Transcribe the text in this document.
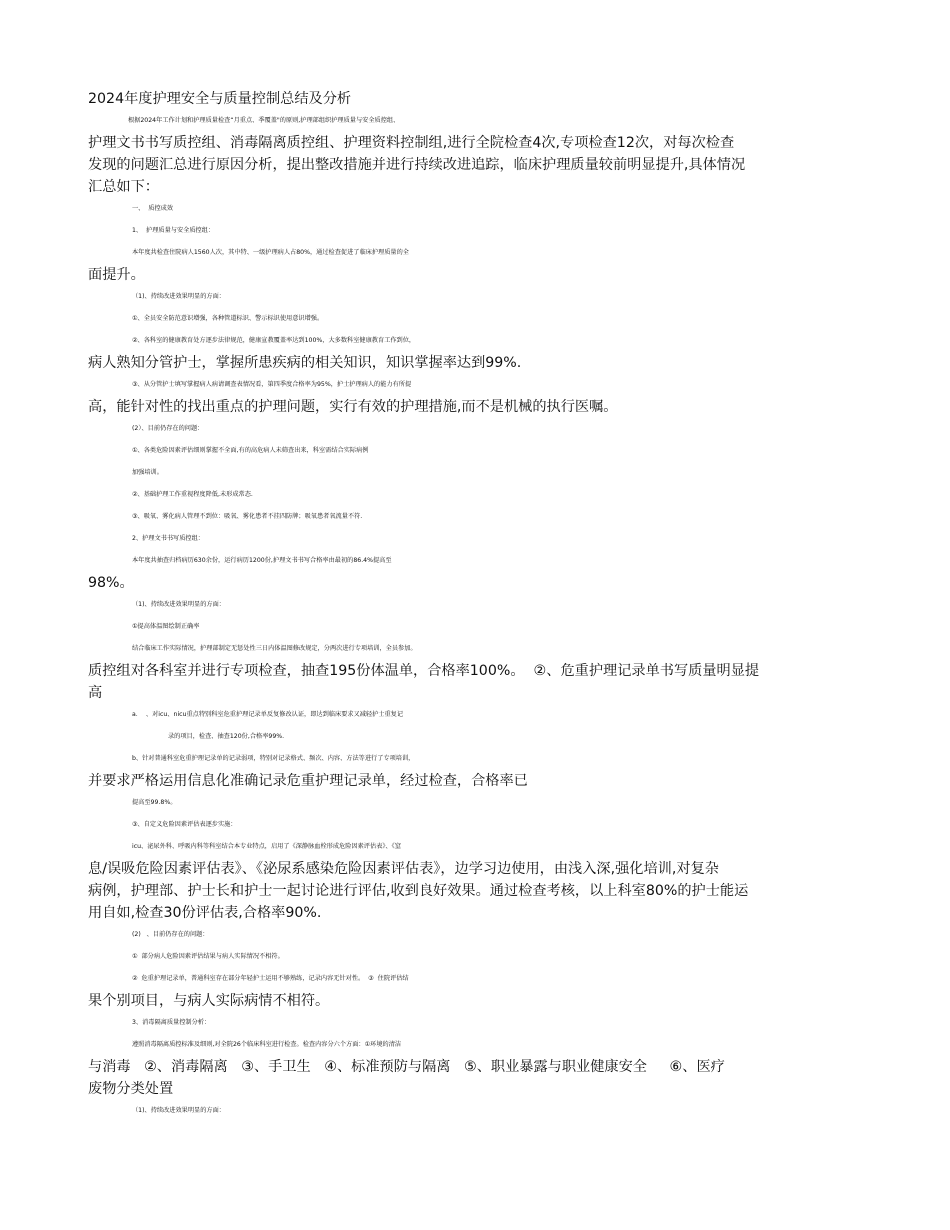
2024年度护理安全与质量控制总结及分析
根据2024年工作计划和护理质量检查“月重点、季覆盖"的原则,护理部组织护理质量与安全质控组、
护理文书书写质控组、消毒隔离质控组、护理资料控制组,进行全院检查4次,专项检查12次，对每次检查
发现的问题汇总进行原因分析，提出整改措施并进行持续改进追踪，临床护理质量较前明显提升,具体情况
汇总如下：
一、  质控成效
1、  护理质量与安全质控组：
本年度共检查住院病人1560人次，其中特、一级护理病人占80%，通过检查促进了临床护理质量的全
面提升。
（1)、持续改进效果明显的方面：
①、全员安全防范意识增强，各种管道标识、警示标识使用意识增强。
②、各科室的健康教育处方逐步法律规范，健康宣教覆盖率达到100%，大多数科室健康教育工作到位，
病人熟知分管护士，掌握所患疾病的相关知识，知识掌握率达到99%.
③、从分管护士填写掌握病人病请调查表情况看，第四季度合格率为95%，护士护理病人的能力有所提
高，能针对性的找出重点的护理问题，实行有效的护理措施,而不是机械的执行医嘱。
(2）、目前仍存在的问题：
①、各类危险因素评估细则掌握不全面,有的高危病人未筛查出来，科室需结合实际病例
加强培训。
②、基础护理工作重视程度降低,未形成常态.
③、吸氧、雾化病人管理不到位：吸氧、雾化患者不挂四防牌；吸氧患者氧流量不符.
2、护理文书书写质控组：
本年度共抽查归档病历630余份，运行病历1200份,护理文书书写合格率由最初的86.4%提高至
98%。
（1)、持续改进效果明显的方面：
①提高体温图绘制正确率
结合临床工作实际情况，护理部制定无惩处性三日内体温图修改规定，分两次进行专项培训，全员参加。
质控组对各科室并进行专项检查，抽查195份体温单，合格率100%。  ②、危重护理记录单书写质量明显提
高
a．  、对icu、nicu重点特别科室危重护理记录单反复修改认证，即达到临床要求又减轻护士重复记
录的项目，检查、抽查120份,合格率99%.
b、针对普通科室危重护理记录单的记录弱项，特别对记录格式、频次、内容、方法等进行了专项培训，
并要求严格运用信息化准确记录危重护理记录单，经过检查，合格率已
提高至99.8%。
③、自定义危险因素评估表逐步实施：
icu、泌尿外科、呼吸内科等科室结合本专业特点，启用了《深静脉血栓形成危险因素评估表》、《窒
息/误吸危险因素评估表》、《泌尿系感染危险因素评估表》，边学习边使用，由浅入深,强化培训,对复杂
病例，护理部、护士长和护士一起讨论进行评估,收到良好效果。通过检查考核，以上科室80%的护士能运
用自如,检查30份评估表,合格率90%.
(2)   、目前仍存在的问题：
①  部分病人危险因素评估结果与病人实际情况不相符。
②  危重护理记录单，普通科室存在部分年轻护士运用不够熟练，记录内容无针对性。  ③  住院评估结
果个别项目，与病人实际病情不相符。
3、消毒隔离质量控制分析：
遵照消毒隔离质控标准及细则,对全院26个临床科室进行检查。检查内容分六个方面：①环境的清洁
与消毒   ②、消毒隔离   ③、手卫生   ④、标准预防与隔离   ⑤、职业暴露与职业健康安全     ⑥、医疗
废物分类处置
（1)、持续改进效果明显的方面：
